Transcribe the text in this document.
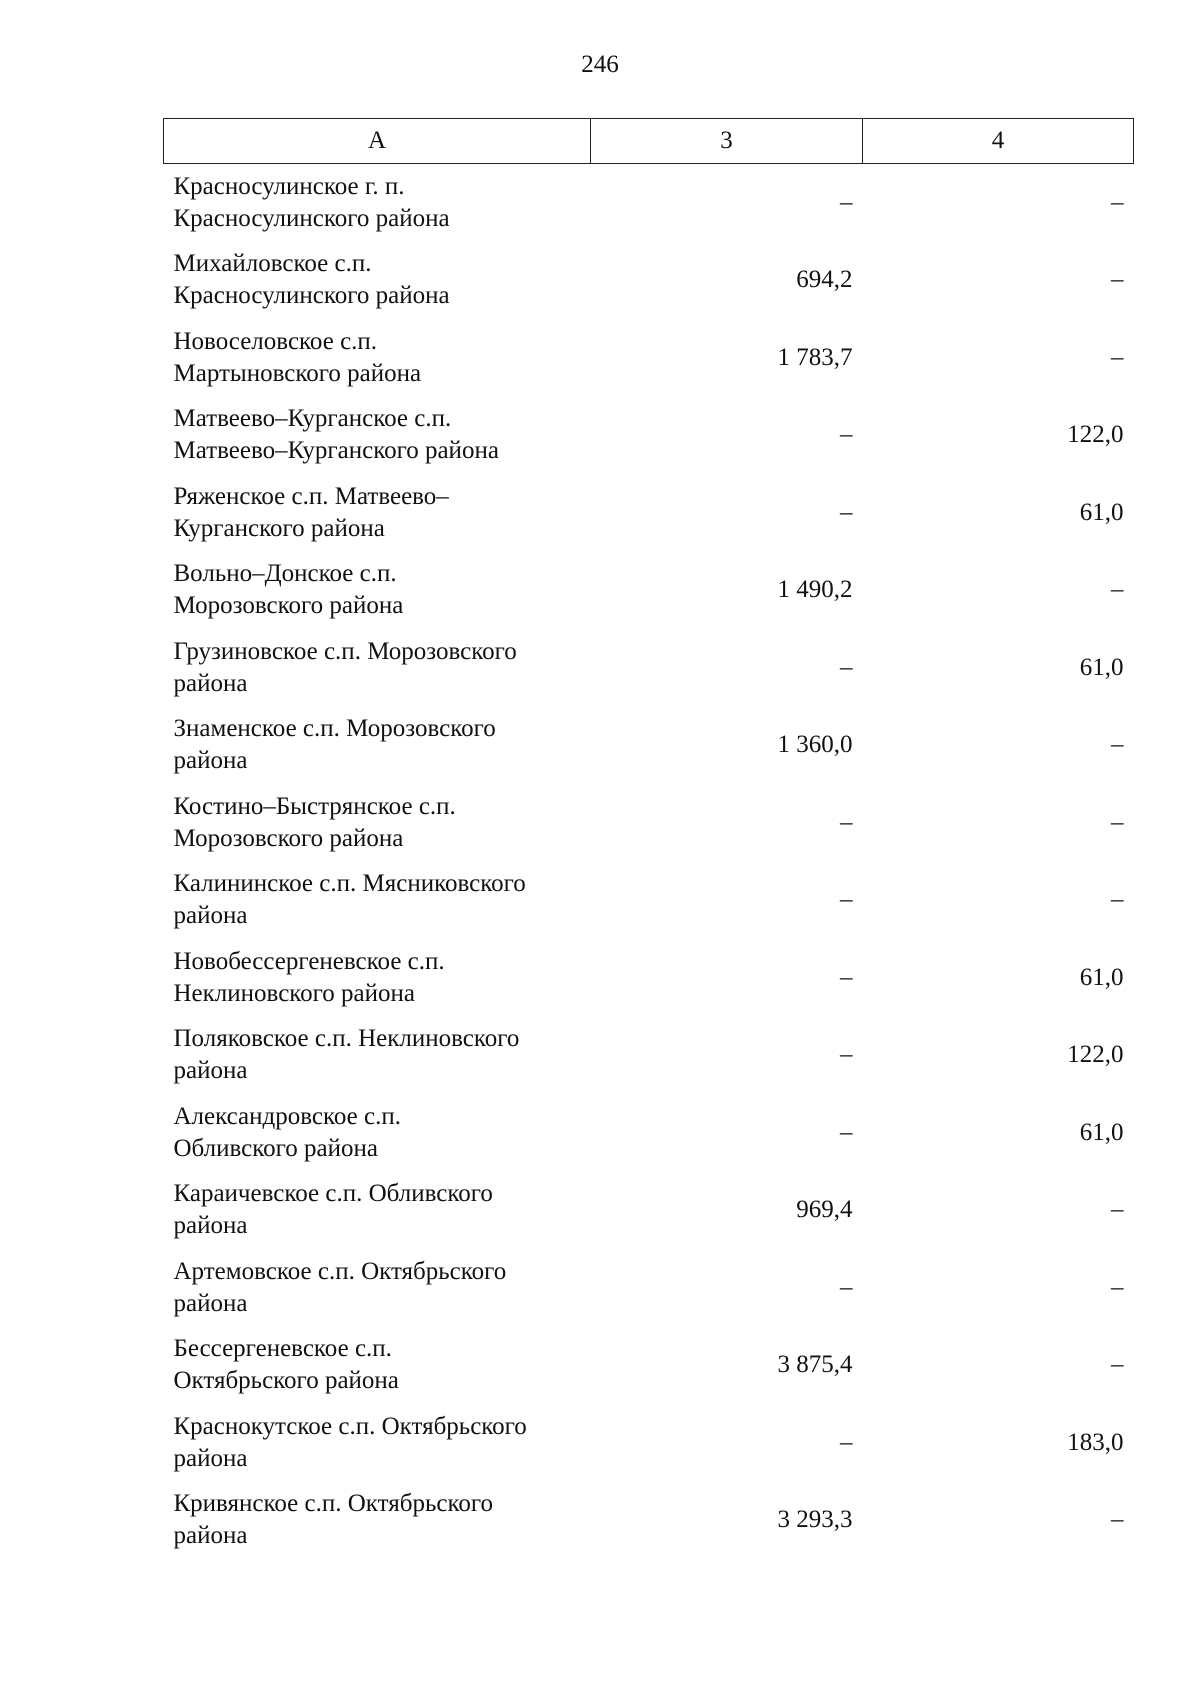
246
А	3	4
Красносулинское г. п.
Красносулинского района	–	–
Михайловское с.п.
Красносулинского района	694,2	–
Новоселовское с.п.
Мартыновского района	1 783,7	–
Матвеево–Курганское с.п.
Матвеево–Курганского района	–	122,0
Ряженское с.п. Матвеево–
Курганского района	–	61,0
Вольно–Донское с.п.
Морозовского района	1 490,2	–
Грузиновское с.п. Морозовского
района	–	61,0
Знаменское с.п. Морозовского
района	1 360,0	–
Костино–Быстрянское с.п.
Морозовского района	–	–
Калининское с.п. Мясниковского
района	–	–
Новобессергеневское с.п.
Неклиновского района	–	61,0
Поляковское с.п. Неклиновского
района	–	122,0
Александровское с.п.
Обливского района	–	61,0
Караичевское с.п. Обливского
района	969,4	–
Артемовское с.п. Октябрьского
района	–	–
Бессергеневское с.п.
Октябрьского района	3 875,4	–
Краснокутское с.п. Октябрьского
района	–	183,0
Кривянское с.п. Октябрьского
района	3 293,3	–
